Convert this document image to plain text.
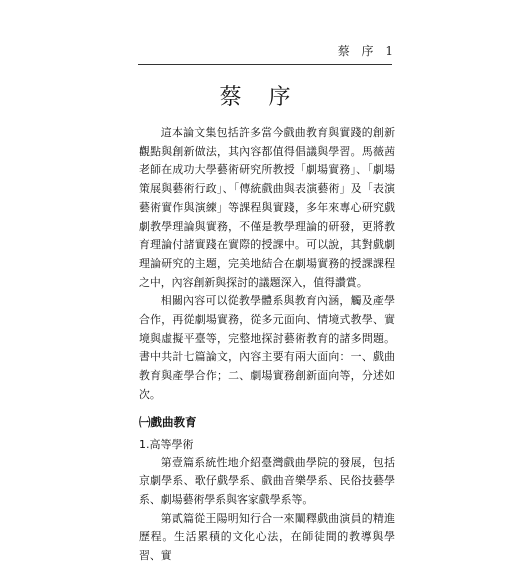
蔡 序 1
蔡 序

這本論文集包括許多當今戲曲教育與實踐的創新觀點與創新做法，其內容都值得倡議與學習。馬薇茜老師在成功大學藝術研究所教授「劇場實務」、「劇場策展與藝術行政」、「傳統戲曲與表演藝術」及「表演藝術實作與演練」等課程與實踐，多年來專心研究戲劇教學理論與實務，不僅是教學理論的研發，更將教育理論付諸實踐在實際的授課中。可以說，其對戲劇理論研究的主題，完美地結合在劇場實務的授課課程之中，內容創新與探討的議題深入，值得讚賞。

相關內容可以從教學體系與教育內涵，觸及產學合作，再從劇場實務，從多元面向、情境式教學、實境與虛擬平臺等，完整地探討藝術教育的諸多問題。書中共計七篇論文，內容主要有兩大面向：一、戲曲教育與產學合作；二、劇場實務創新面向等，分述如次。

㈠戲曲教育
1.高等學術

第壹篇系統性地介紹臺灣戲曲學院的發展，包括京劇學系、歌仔戲學系、戲曲音樂學系、民俗技藝學系、劇場藝術學系與客家戲學系等。

第貳篇從王陽明知行合一來闡釋戲曲演員的精進歷程。生活累積的文化心法，在師徒間的教導與學習、實
